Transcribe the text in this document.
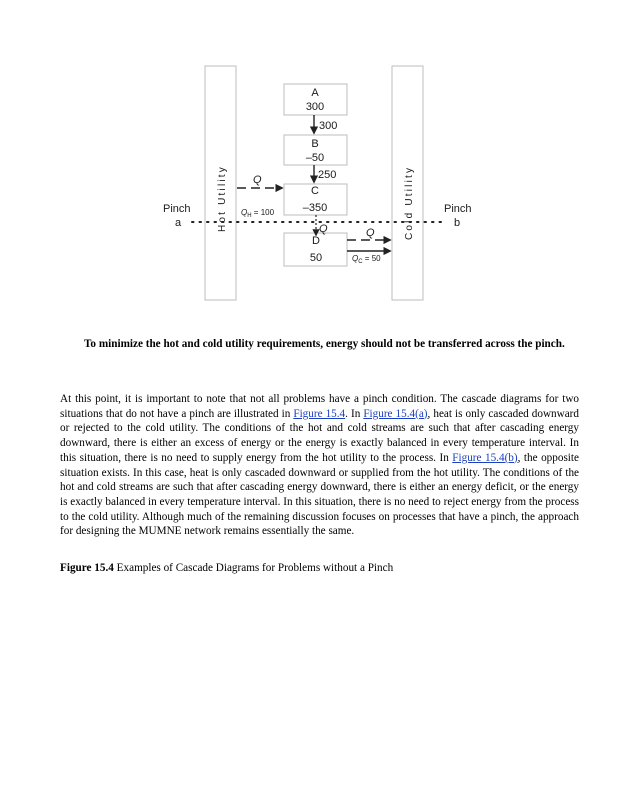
Hot Utility	Cold Utility
A
300
B
–50
C
–350
D
50
300
250
Q
Q
$Q_H = 100$
Q
$Q_C = 50$
Pinch
a
Pinch
b
To minimize the hot and cold utility requirements, energy should not be transferred across the pinch.

At this point, it is important to note that not all problems have a pinch condition. The cascade diagrams for two situations that do not have a pinch are illustrated in Figure 15.4. In Figure 15.4(a), heat is only cascaded downward or rejected to the cold utility. The conditions of the hot and cold streams are such that after cascading energy downward, there is either an excess of energy or the energy is exactly balanced in every temperature interval. In this situation, there is no need to supply energy from the hot utility to the process. In Figure 15.4(b), the opposite situation exists. In this case, heat is only cascaded downward or supplied from the hot utility. The conditions of the hot and cold streams are such that after cascading energy downward, there is either an energy deficit, or the energy is exactly balanced in every temperature interval. In this situation, there is no need to reject energy from the process to the cold utility. Although much of the remaining discussion focuses on processes that have a pinch, the approach for designing the MUMNE network remains essentially the same.

Figure 15.4 Examples of Cascade Diagrams for Problems without a Pinch
